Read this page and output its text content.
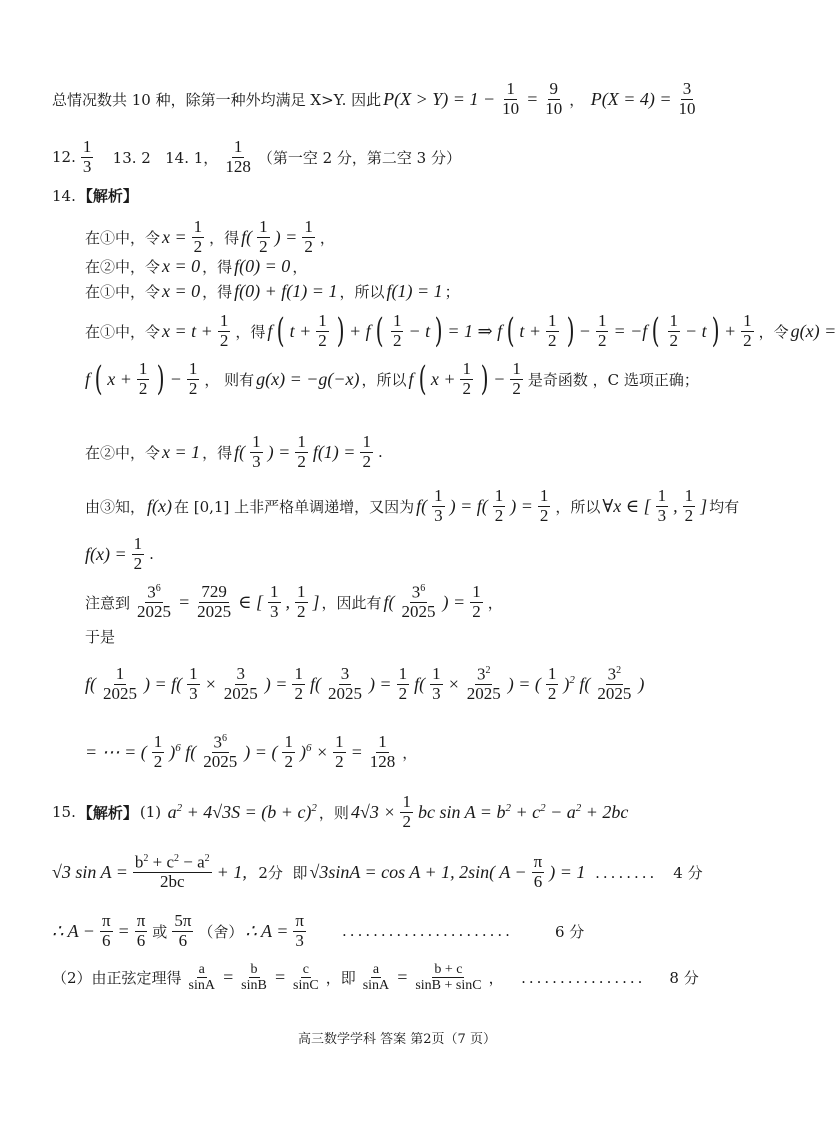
总情况数共 10 种，除第一种外均满足 X>Y. 因此 $P(X > Y) = 1 - \frac{1}{10} = \frac{9}{10}$ ， $P(X = 4) = \frac{3}{10}$
12. $\frac{1}{3} 13$. 2   14. 1， $\frac{1}{128}$ （第一空 2 分，第二空 3 分）
14. 【解析】
在①中，令 $x = \frac{1}{2}$ ，得 $f( \frac{1}{2}$ ) = $\frac{1}{2}$ ，
在②中，令 x = 0 ，得 f(0) = 0 ，
在①中，令 x = 0 ，得 f(0) + f(1) = 1 ，所以 f(1) = 1 ；
在①中，令 $x = t + \frac{1}{2}$ ，得 f ( $t + \frac{1}{2}$ ) + f ( $\frac{1}{2} - t$ ) = 1 ⇒ f ( $t + \frac{1}{2}$ ) − $\frac{1}{2} = -f$ ( $\frac{1}{2} - t$ ) + $\frac{1}{2}$ ，令 g(x) =
f ( $x + \frac{1}{2}$ ) − $\frac{1}{2}$ ， 则有 g(x) = −g(−x) ，所以 f ( $x + \frac{1}{2}$ ) − $\frac{1}{2}$ 是奇函数 ，C 选项正确；
在②中，令 x = 1 ，得 $f( \frac{1}{3}$ ) = $\frac{1}{2} f(1) = \frac{1}{2}$ .
由③知， f(x) 在 [0,1] 上非严格单调递增，又因为 $f( \frac{1}{3}$ ) = $f( \frac{1}{2}$ ) = $\frac{1}{2}$ ，所以 ∀x ∈ [ $\frac{1}{3}$ , $\frac{1}{2}$ ] 均有
$f(x) = \frac{1}{2}$ .
注意到 $\frac{3^6}{2025} = \frac{729}{2025}$ ∈ [ $\frac{1}{3}$ , $\frac{1}{2}$ ] ，因此有 $f( \frac{3^6}{2025}$ ) = $\frac{1}{2}$ ，
于是
$f( \frac{1}{2025}$ ) = $f( \frac{1}{3} \times \frac{3}{2025}$ ) = $\frac{1}{2} f( \frac{3}{2025}$ ) = $\frac{1}{2} f( \frac{1}{3} \times \frac{3^2}{2025}$ ) = ( $\frac{1}{2} )^2$ $f( \frac{3^2}{2025}$ )
= ⋯ = ( $\frac{1}{2} )^6$ $f( \frac{3^6}{2025}$ ) = ( $\frac{1}{2} )^6 \times \frac{1}{2} = \frac{1}{128}$ ，
15. 【解析】 (1) $a^2 + 4√3S = (b + c)^2$ ，则 $4√3 \times \frac{1}{2}$ bc $\sin A = b^2 + c^2 - a^2 + 2bc$
√3 $\sin A = \frac{b^2 + c^2 - a^2}{2bc} + 1$, 2分  即 √3sinA = cos A + 1, 2sin( $A - \frac{\pi}{6}$ ) = 1 ........ 4 分
∴ $A - \frac{\pi}{6} = \frac{\pi}{6}$ 或 $\frac{5\pi}{6}$ （舍） ∴ $A = \frac{\pi}{3}$ ......................	6 分
（2）由正弦定理得 $\frac{a}{\sin A} = \frac{b}{\sin B} = \frac{c}{\sin C}$ ，即 $\frac{a}{\sin A} = \frac{b + c}{\sin B + \sin C}$ ， ................ 8 分
高三数学学科 答案 第2页（7 页）
